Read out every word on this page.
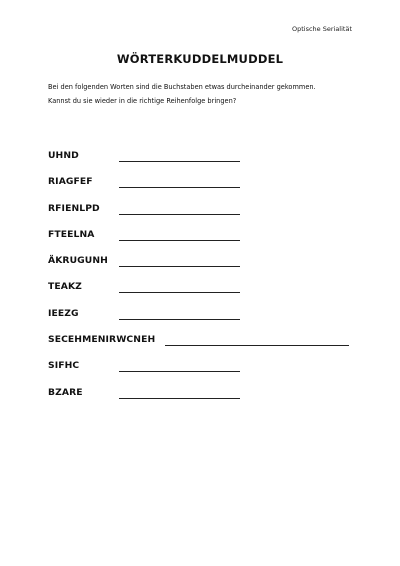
Optische Serialität
WÖRTERKUDDELMUDDEL

Bei den folgenden Worten sind die Buchstaben etwas durcheinander gekommen.

Kannst du sie wieder in die richtige Reihenfolge bringen?

UHND
RIAGFEF
RFIENLPD
FTEELNA
ÄKRUGUNH
TEAKZ
IEEZG
SECEHMENIRWCNEH
SIFHC
BZARE
